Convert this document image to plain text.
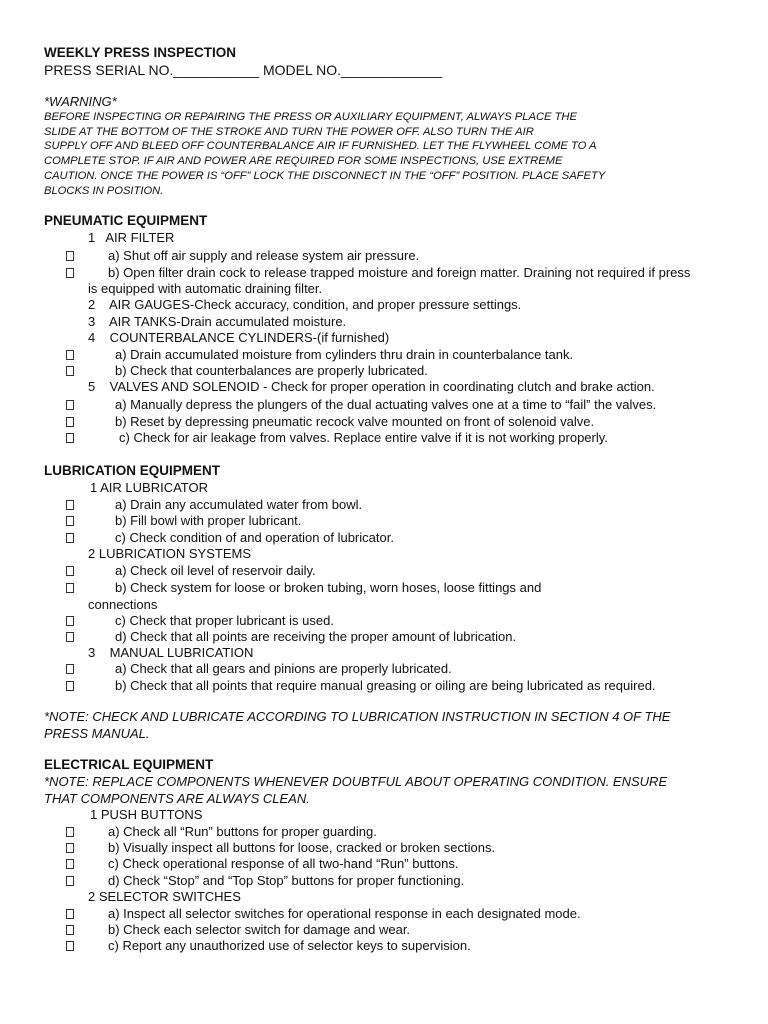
WEEKLY PRESS INSPECTION
PRESS SERIAL NO.___________ MODEL NO._____________
*WARNING*
BEFORE INSPECTING OR REPAIRING THE PRESS OR AUXILIARY EQUIPMENT, ALWAYS PLACE THE
SLIDE AT THE BOTTOM OF THE STROKE AND TURN THE POWER OFF. ALSO TURN THE AIR
SUPPLY OFF AND BLEED OFF COUNTERBALANCE AIR IF FURNISHED. LET THE FLYWHEEL COME TO A
COMPLETE STOP. IF AIR AND POWER ARE REQUIRED FOR SOME INSPECTIONS, USE EXTREME
CAUTION. ONCE THE POWER IS “OFF” LOCK THE DISCONNECT IN THE “OFF” POSITION. PLACE SAFETY
BLOCKS IN POSITION.
PNEUMATIC EQUIPMENT
1   AIR FILTER
a) Shut off air supply and release system air pressure.
b) Open filter drain cock to release trapped moisture and foreign matter. Draining not required if press
is equipped with automatic draining filter.
2    AIR GAUGES-Check accuracy, condition, and proper pressure settings.
3    AIR TANKS-Drain accumulated moisture.
4    COUNTERBALANCE CYLINDERS-(if furnished)
a) Drain accumulated moisture from cylinders thru drain in counterbalance tank.
b) Check that counterbalances are properly lubricated.
5    VALVES AND SOLENOID - Check for proper operation in coordinating clutch and brake action.
a) Manually depress the plungers of the dual actuating valves one at a time to “fail” the valves.
b) Reset by depressing pneumatic recock valve mounted on front of solenoid valve.
c) Check for air leakage from valves. Replace entire valve if it is not working properly.
LUBRICATION EQUIPMENT
1 AIR LUBRICATOR
a) Drain any accumulated water from bowl.
b) Fill bowl with proper lubricant.
c) Check condition of and operation of lubricator.
2 LUBRICATION SYSTEMS
a) Check oil level of reservoir daily.
b) Check system for loose or broken tubing, worn hoses, loose fittings and
connections
c) Check that proper lubricant is used.
d) Check that all points are receiving the proper amount of lubrication.
3    MANUAL LUBRICATION
a) Check that all gears and pinions are properly lubricated.
b) Check that all points that require manual greasing or oiling are being lubricated as required.
*NOTE: CHECK AND LUBRICATE ACCORDING TO LUBRICATION INSTRUCTION IN SECTION 4 OF THE
PRESS MANUAL.
ELECTRICAL EQUIPMENT
*NOTE: REPLACE COMPONENTS WHENEVER DOUBTFUL ABOUT OPERATING CONDITION. ENSURE
THAT COMPONENTS ARE ALWAYS CLEAN.
1 PUSH BUTTONS
a) Check all “Run” buttons for proper guarding.
b) Visually inspect all buttons for loose, cracked or broken sections.
c) Check operational response of all two-hand “Run” buttons.
d) Check “Stop” and “Top Stop” buttons for proper functioning.
2 SELECTOR SWITCHES
a) Inspect all selector switches for operational response in each designated mode.
b) Check each selector switch for damage and wear.
c) Report any unauthorized use of selector keys to supervision.
